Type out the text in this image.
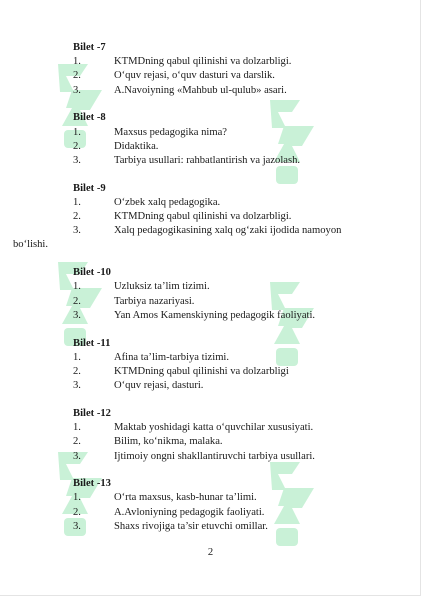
Bilet -7
1.	KTMDning qabul qilinishi va dolzarbligi.
2.	O‘quv rejasi, o‘quv dasturi va darslik.
3.	A.Navoiyning «Mahbub ul-qulub» asari.
Bilet -8
1.	Maxsus pedagogika nima?
2.	Didaktika.
3.	Tarbiya usullari: rahbatlantirish va jazolash.
Bilet -9
1.	O‘zbek xalq pedagogika.
2.	KTMDning qabul qilinishi va dolzarbligi.
3.	Xalq pedagogikasining xalq og‘zaki ijodida namoyon
bo‘lishi.
Bilet -10
1.	Uzluksiz ta’lim tizimi.
2.	Tarbiya nazariyasi.
3.	Yan Amos Kamenskiyning pedagogik faoliyati.
Bilet -11
1.	Afina ta’lim-tarbiya tizimi.
2.	KTMDning qabul qilinishi va dolzarbligi
3.	O‘quv rejasi, dasturi.
Bilet -12
1.	Maktab yoshidagi katta o‘quvchilar xususiyati.
2.	Bilim, ko‘nikma, malaka.
3.	Ijtimoiy ongni shakllantiruvchi tarbiya usullari.
Bilet -13
1.	O‘rta maxsus, kasb-hunar ta’limi.
2.	A.Avloniyning pedagogik faoliyati.
3.	Shaxs rivojiga ta’sir etuvchi omillar.
2
